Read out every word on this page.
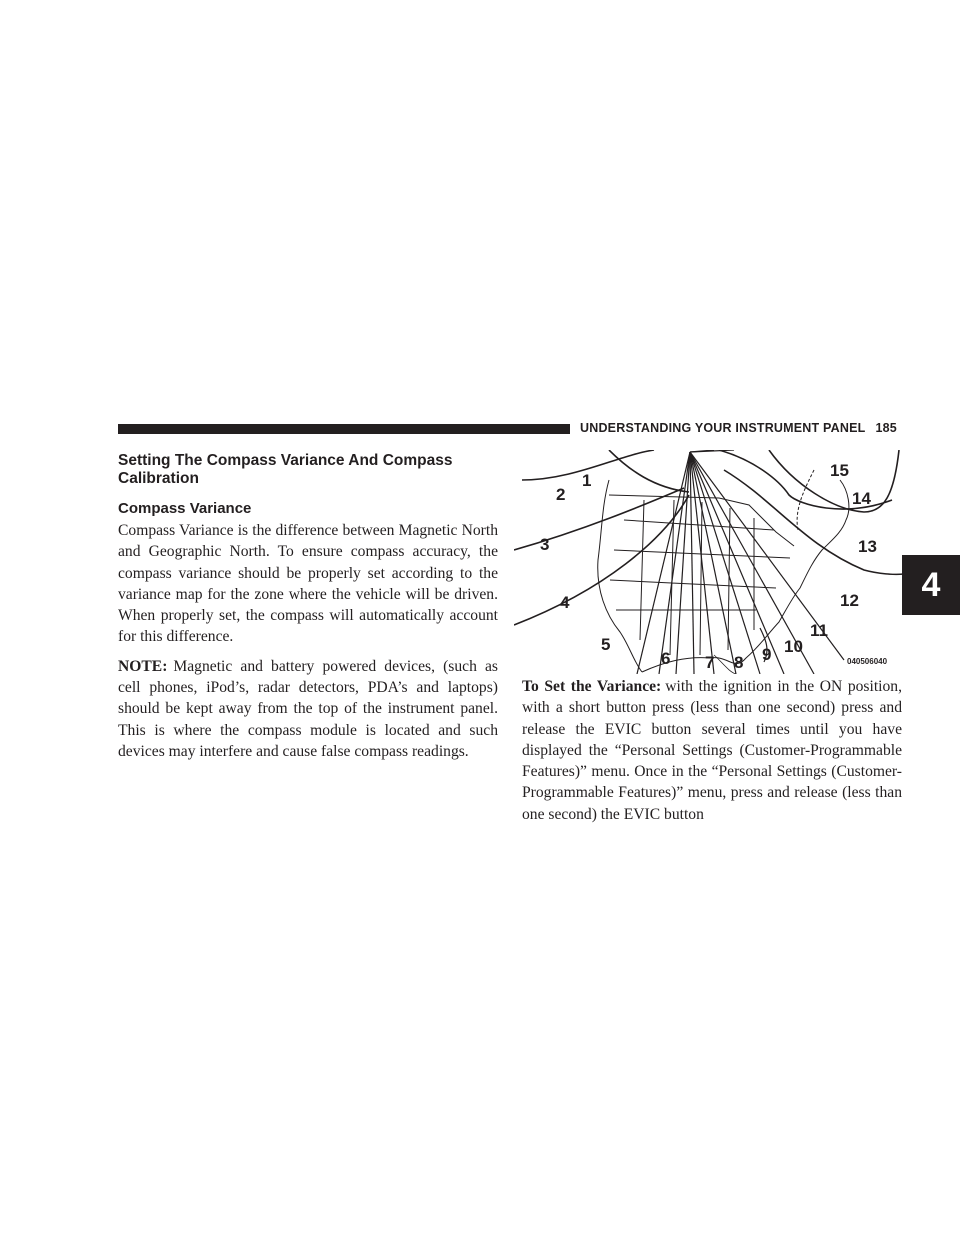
UNDERSTANDING YOUR INSTRUMENT PANEL 185
4
Setting The Compass Variance And Compass Calibration
Compass Variance

Compass Variance is the difference between Magnetic North and Geographic North. To ensure compass accuracy, the compass variance should be properly set according to the variance map for the zone where the vehicle will be driven. When properly set, the compass will automatically account for this difference.

NOTE: Magnetic and battery powered devices, (such as cell phones, iPod’s, radar detectors, PDA’s and laptops) should be kept away from the top of the instrument panel. This is where the compass module is located and such devices may interfere and cause false compass readings.

1
2
3
4
5
6 7 8 9 10
11
12
13
14
15
040506040

To Set the Variance: with the ignition in the ON position, with a short button press (less than one second) press and release the EVIC button several times until you have displayed the “Personal Settings (Customer-Programmable Features)” menu. Once in the “Personal Settings (Customer-Programmable Features)” menu, press and release (less than one second) the EVIC button
